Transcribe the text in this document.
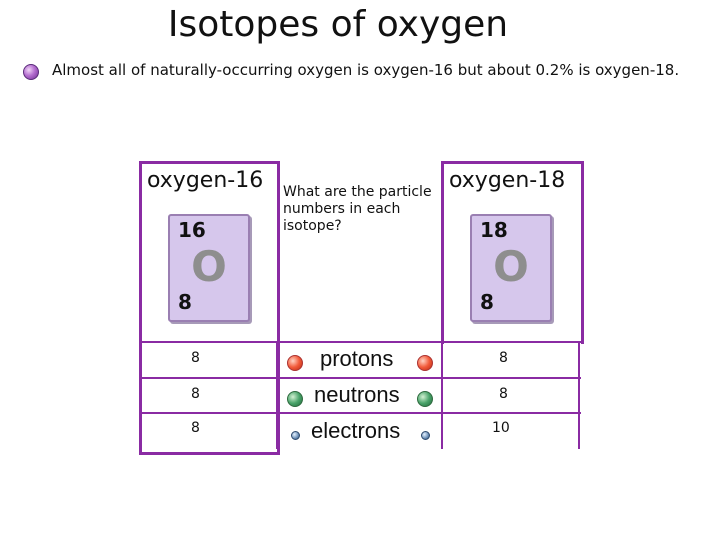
Isotopes of oxygen
Almost all of naturally-occurring oxygen is oxygen-16 but about 0.2% is oxygen-18.
oxygen-16	oxygen-18
16
O
8
18
O
8
What are the particle numbers in each isotope?
8	protons	8
8	neutrons	8
8	electrons	10
